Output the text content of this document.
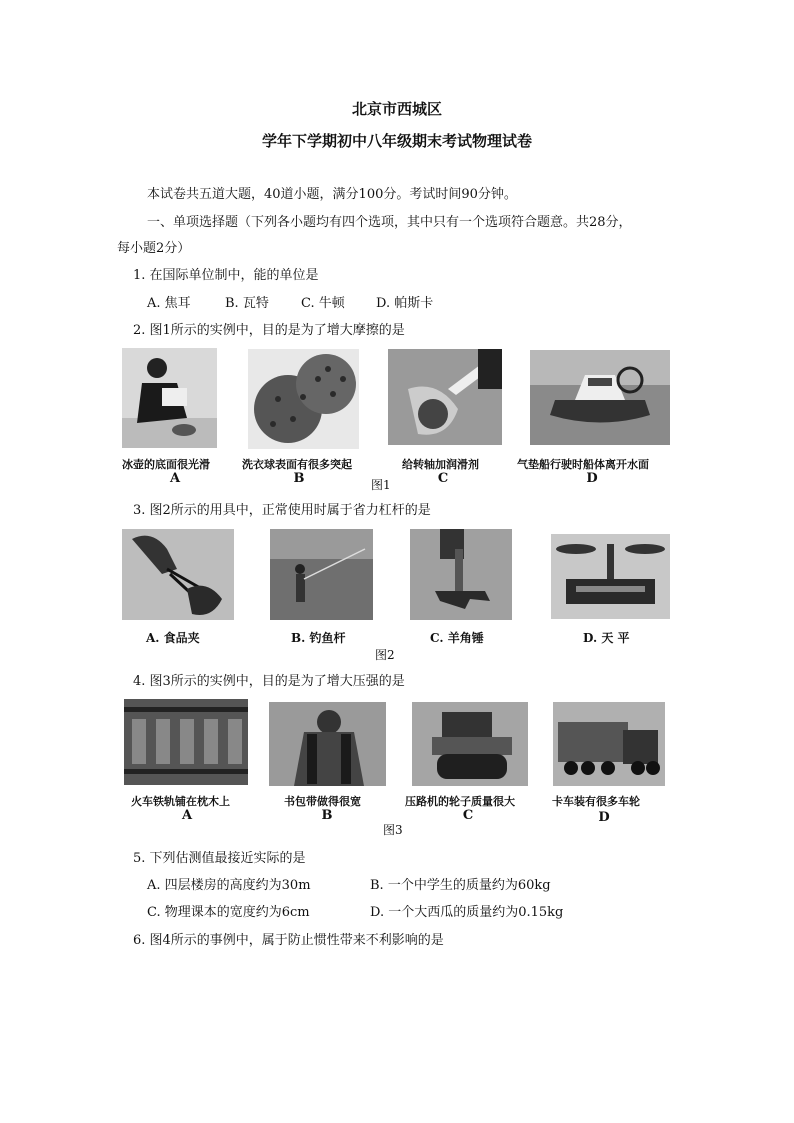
北京市西城区
学年下学期初中八年级期末考试物理试卷
本试卷共五道大题，40道小题，满分100分。考试时间90分钟。
一、单项选择题（下列各小题均有四个选项，其中只有一个选项符合题意。共28分，
每小题2分）
1. 在国际单位制中，能的单位是
A. 焦耳	B. 瓦特 C. 牛顿 D. 帕斯卡
2. 图1所示的实例中，目的是为了增大摩擦的是
冰壶的底面很光滑	洗衣球表面有很多突起	给转轴加润滑剂	气垫船行驶时船体离开水面
A	B	C	D
图1
3. 图2所示的用具中，正常使用时属于省力杠杆的是
A. 食品夹	B. 钓鱼杆	C. 羊角锤	D. 天 平
图2
4. 图3所示的实例中，目的是为了增大压强的是
火车铁轨铺在枕木上	书包带做得很宽	压路机的轮子质量很大	卡车装有很多车轮
A	B	C	D
图3
5. 下列估测值最接近实际的是
A. 四层楼房的高度约为30m	B. 一个中学生的质量约为60kg
C. 物理课本的宽度约为6cm	D. 一个大西瓜的质量约为0.15kg
6. 图4所示的事例中，属于防止惯性带来不利影响的是
